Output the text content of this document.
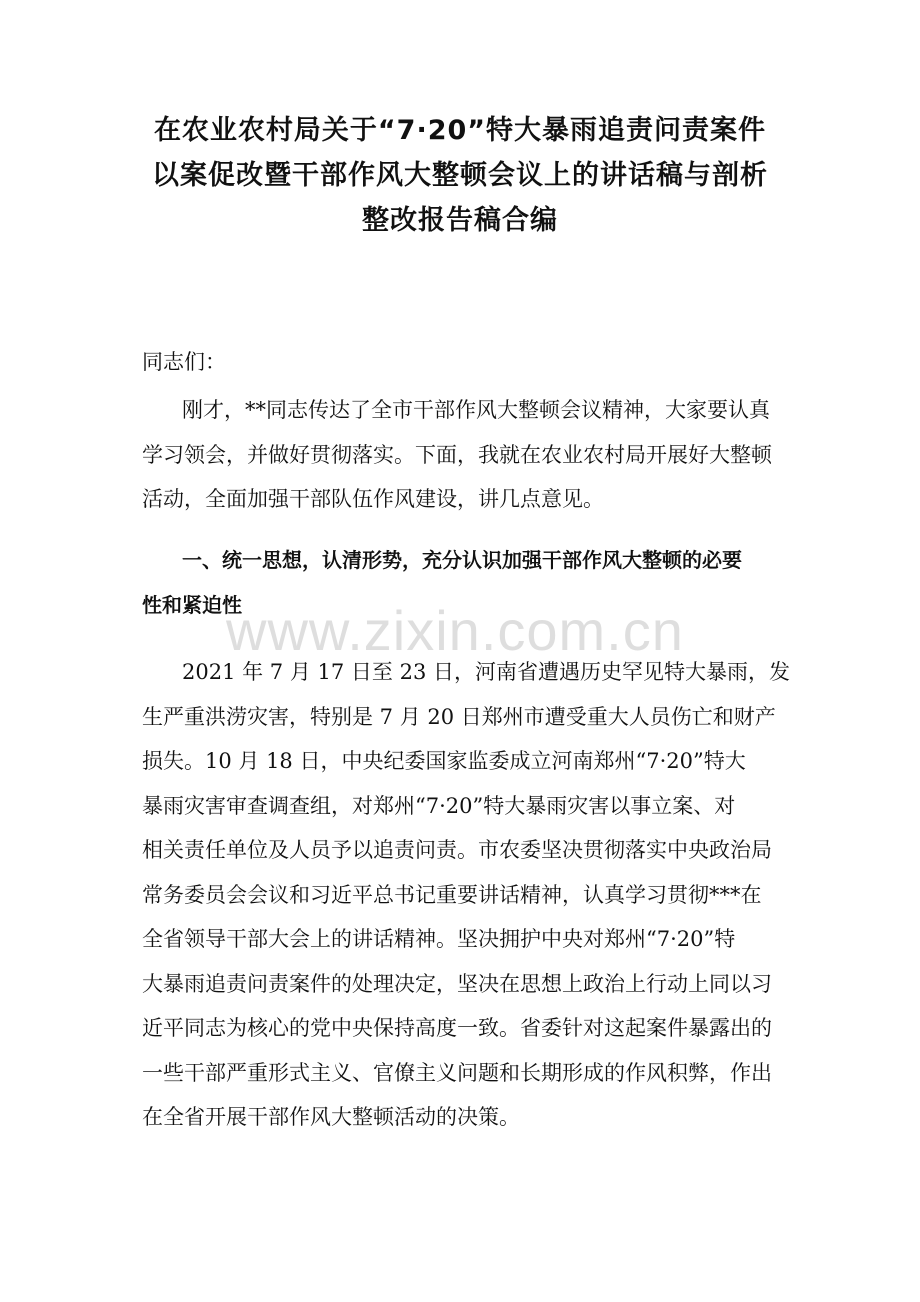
在农业农村局关于“7·20”特大暴雨追责问责案件
以案促改暨干部作风大整顿会议上的讲话稿与剖析
整改报告稿合编
同志们：
刚才，**同志传达了全市干部作风大整顿会议精神，大家要认真
学习领会，并做好贯彻落实。下面，我就在农业农村局开展好大整顿
活动，全面加强干部队伍作风建设，讲几点意见。
一、统一思想，认清形势，充分认识加强干部作风大整顿的必要
性和紧迫性
2021 年 7 月 17 日至 23 日，河南省遭遇历史罕见特大暴雨，发
生严重洪涝灾害，特别是 7 月 20 日郑州市遭受重大人员伤亡和财产
损失。10 月 18 日，中央纪委国家监委成立河南郑州“7·20”特大
暴雨灾害审查调查组，对郑州“7·20”特大暴雨灾害以事立案、对
相关责任单位及人员予以追责问责。市农委坚决贯彻落实中央政治局
常务委员会会议和习近平总书记重要讲话精神，认真学习贯彻***在
全省领导干部大会上的讲话精神。坚决拥护中央对郑州“7·20”特
大暴雨追责问责案件的处理决定，坚决在思想上政治上行动上同以习
近平同志为核心的党中央保持高度一致。省委针对这起案件暴露出的
一些干部严重形式主义、官僚主义问题和长期形成的作风积弊，作出
在全省开展干部作风大整顿活动的决策。
www.zixin.com.cn
